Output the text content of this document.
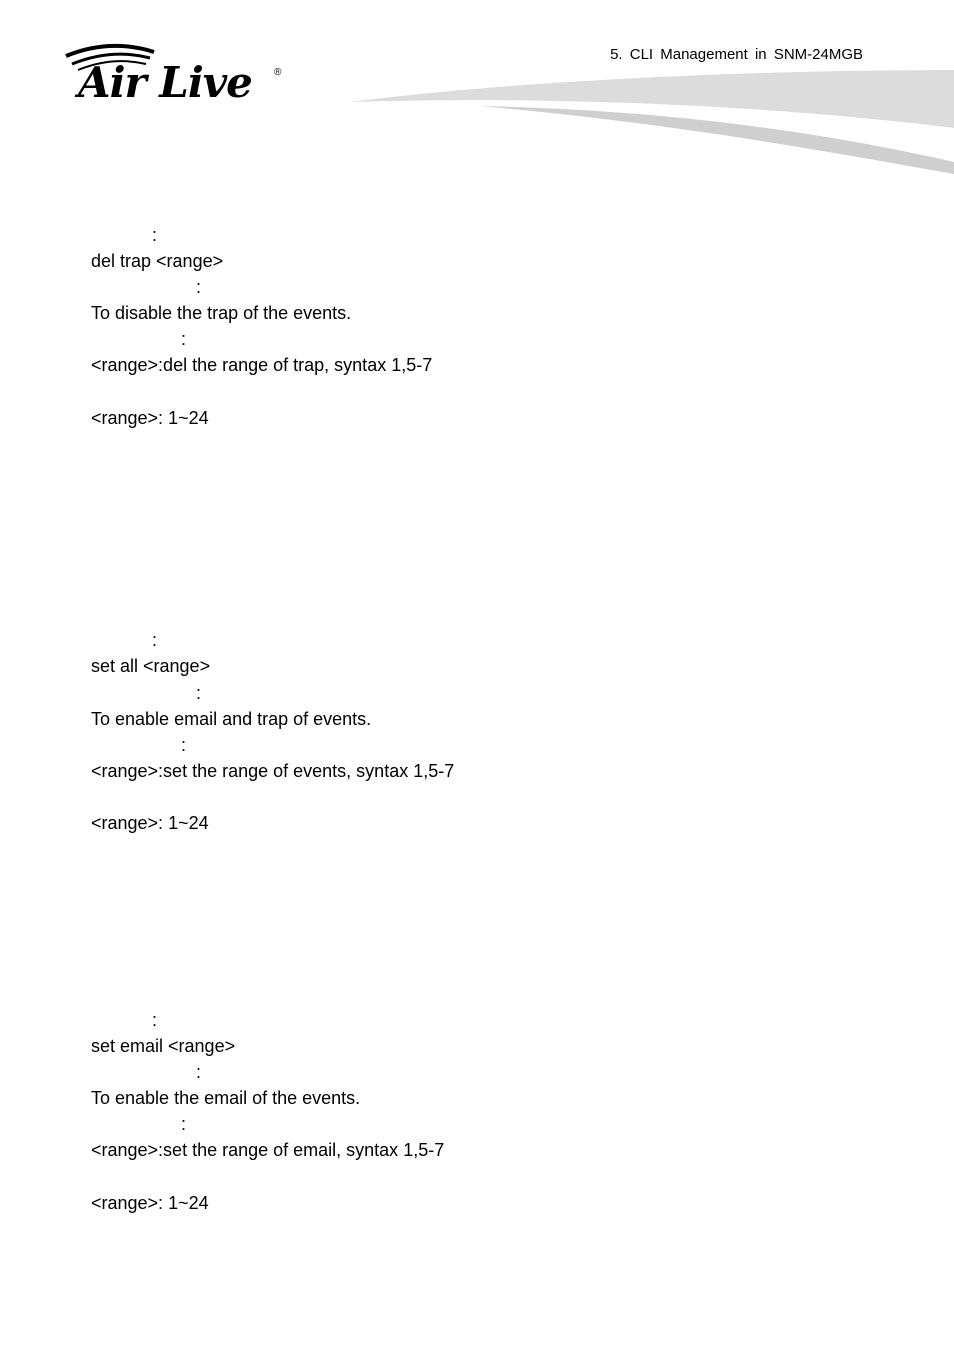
Air Live ®
5. CLI Management in SNM-24MGB
:
del trap <range>
:
To disable the trap of the events.
:
<range>:del the range of trap, syntax 1,5-7
<range>: 1~24
:
set all <range>
:
To enable email and trap of events.
:
<range>:set the range of events, syntax 1,5-7
<range>: 1~24
:
set email <range>
:
To enable the email of the events.
:
<range>:set the range of email, syntax 1,5-7
<range>: 1~24
